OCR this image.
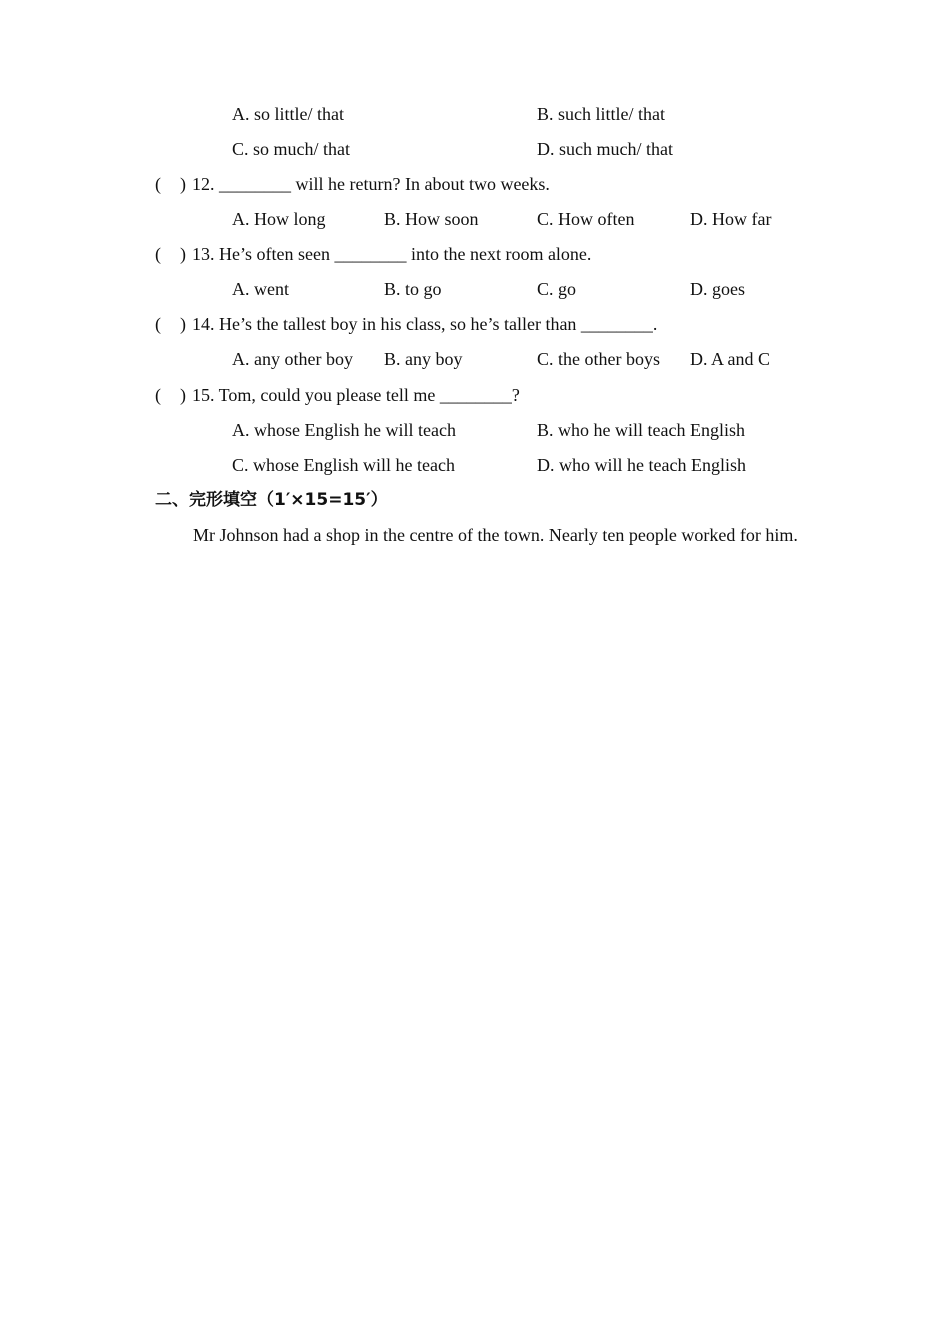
A. so little/ that	B. such little/ that
C. so much/ that	D. such much/ that
( ) 12. ________ will he return? In about two weeks.
A. How long	B. How soon	C. How often	D. How far
( ) 13. He’s often seen ________ into the next room alone.
A. went	B. to go	C. go	D. goes
( ) 14. He’s the tallest boy in his class, so he’s taller than ________.
A. any other boy B. any boy	C. the other boys D. A and C
( ) 15. Tom, could you please tell me ________?
A. whose English he will teach	B. who he will teach English
C. whose English will he teach	D. who will he teach English
二、完形填空（1′×15=15′）
Mr Johnson had a shop in the centre of the town. Nearly ten people worked for him.
